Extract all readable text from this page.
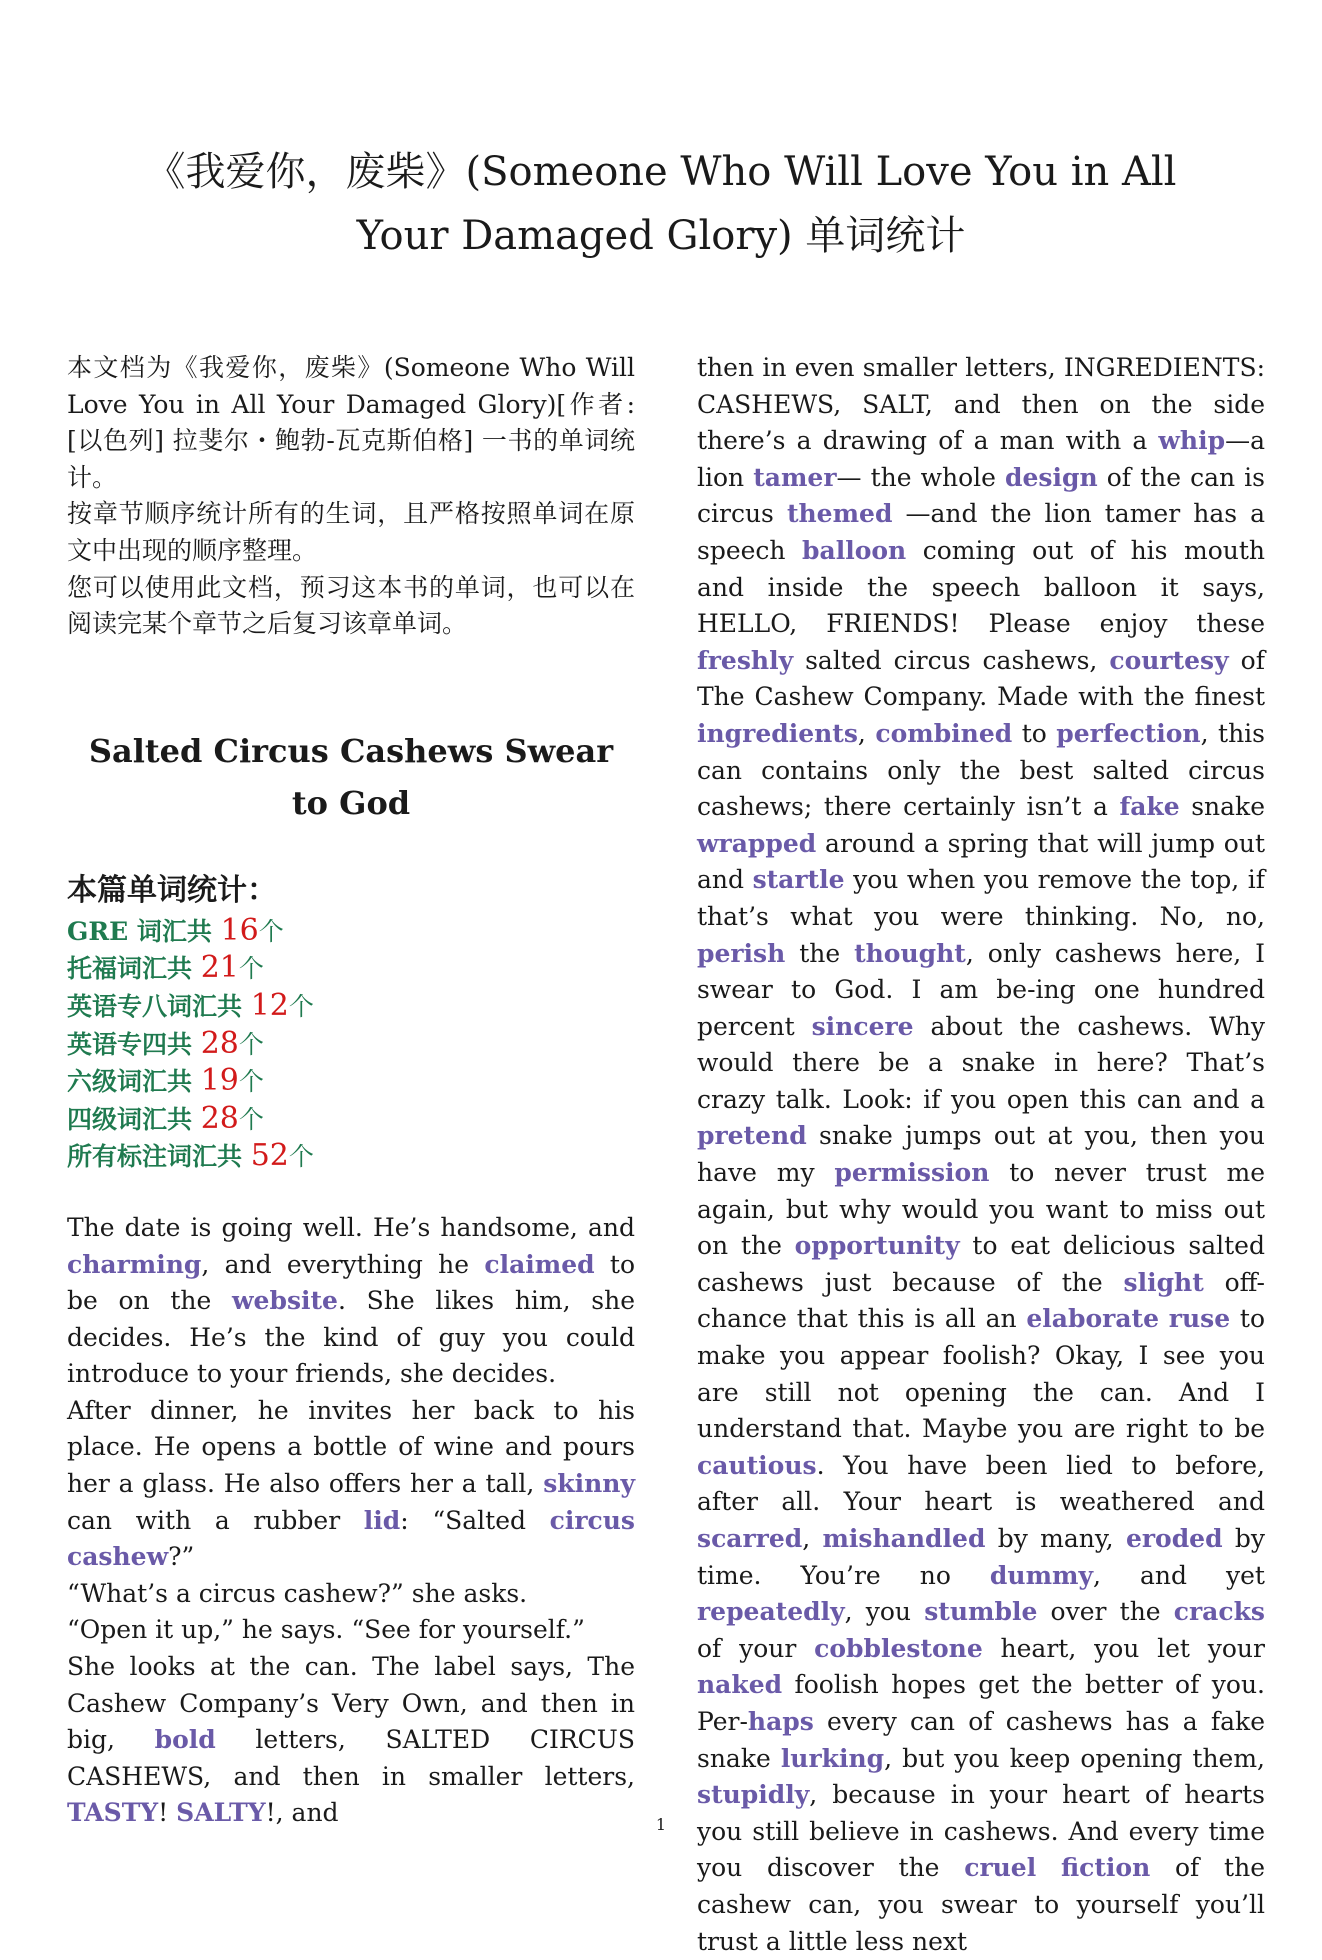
《我爱你，废柴》(Someone Who Will Love You in All Your Damaged Glory) 单词统计

本文档为《我爱你，废柴》(Someone Who Will Love You in All Your Damaged Glory)[作者: [以色列] 拉斐尔・鲍勃-瓦克斯伯格] 一书的单词统计。

按章节顺序统计所有的生词，且严格按照单词在原文中出现的顺序整理。

您可以使用此文档，预习这本书的单词，也可以在阅读完某个章节之后复习该章单词。

Salted Circus Cashews Swear to God
本篇单词统计：
GRE 词汇共 16个
托福词汇共 21个
英语专八词汇共 12个
英语专四共 28个
六级词汇共 19个
四级词汇共 28个
所有标注词汇共 52个

The date is going well. He’s handsome, and charming, and everything he claimed to be on the website. She likes him, she decides. He’s the kind of guy you could introduce to your friends, she decides.

After dinner, he invites her back to his place. He opens a bottle of wine and pours her a glass. He also offers her a tall, skinny can with a rubber lid: “Salted circus cashew?”

“What’s a circus cashew?” she asks.

“Open it up,” he says. “See for yourself.”

She looks at the can. The label says, The Cashew Company’s Very Own, and then in big, bold letters, SALTED CIRCUS CASHEWS, and then in smaller letters, TASTY! SALTY!, and

then in even smaller letters, INGREDIENTS: CASHEWS, SALT, and then on the side there’s a drawing of a man with a whip—a lion tamer— the whole design of the can is circus themed —and the lion tamer has a speech balloon coming out of his mouth and inside the speech balloon it says, HELLO, FRIENDS! Please enjoy these freshly salted circus cashews, courtesy of The Cashew Company. Made with the finest ingredients, combined to perfection, this can contains only the best salted circus cashews; there certainly isn’t a fake snake wrapped around a spring that will jump out and startle you when you remove the top, if that’s what you were thinking. No, no, perish the thought, only cashews here, I swear to God. I am be-ing one hundred percent sincere about the cashews. Why would there be a snake in here? That’s crazy talk. Look: if you open this can and a pretend snake jumps out at you, then you have my permission to never trust me again, but why would you want to miss out on the opportunity to eat delicious salted cashews just because of the slight off-chance that this is all an elaborate ruse to make you appear foolish? Okay, I see you are still not opening the can. And I understand that. Maybe you are right to be cautious. You have been lied to before, after all. Your heart is weathered and scarred, mishandled by many, eroded by time. You’re no dummy, and yet repeatedly, you stumble over the cracks of your cobblestone heart, you let your naked foolish hopes get the better of you. Per-haps every can of cashews has a fake snake lurking, but you keep opening them, stupidly, because in your heart of hearts you still believe in cashews. And every time you discover the cruel fiction of the cashew can, you swear to yourself you’ll trust a little less next

1
